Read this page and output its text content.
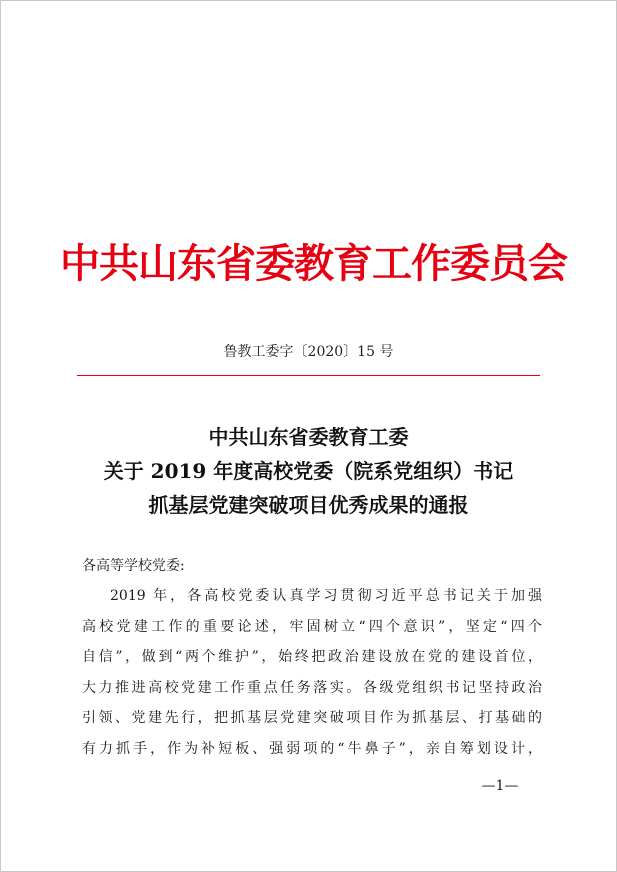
中共山东省委教育工作委员会
鲁教工委字〔2020〕15 号
中共山东省委教育工委
关于 2019 年度高校党委（院系党组织）书记
抓基层党建突破项目优秀成果的通报
各高等学校党委:
2019 年，各高校党委认真学习贯彻习近平总书记关于加强
高校党建工作的重要论述，牢固树立“四个意识”，坚定“四个
自信”，做到“两个维护”，始终把政治建设放在党的建设首位，
大力推进高校党建工作重点任务落实。各级党组织书记坚持政治
引领、党建先行，把抓基层党建突破项目作为抓基层、打基础的
有力抓手，作为补短板、强弱项的“牛鼻子”，亲自筹划设计，
—1—
